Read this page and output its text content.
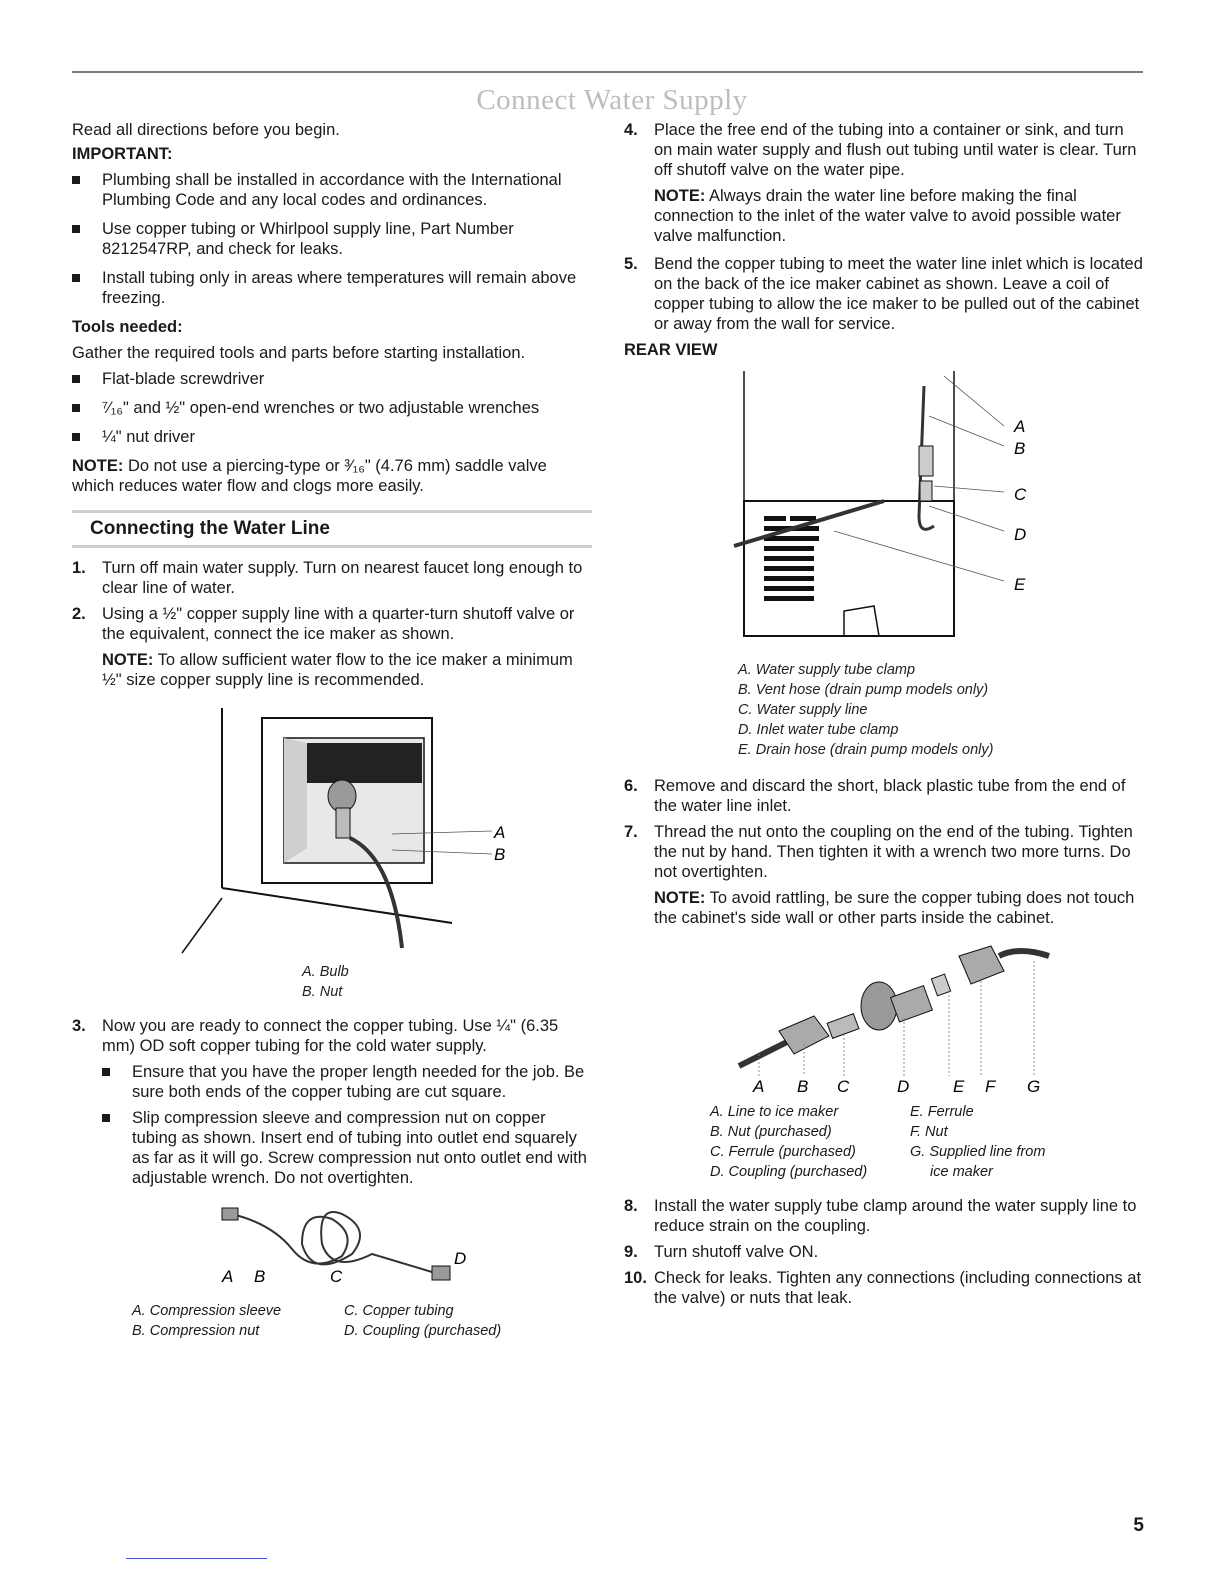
Connect Water Supply

Read all directions before you begin.

IMPORTANT:

Plumbing shall be installed in accordance with the International Plumbing Code and any local codes and ordinances.
Use copper tubing or Whirlpool supply line, Part Number 8212547RP, and check for leaks.
Install tubing only in areas where temperatures will remain above freezing.

Tools needed:

Gather the required tools and parts before starting installation.

Flat-blade screwdriver
⁷⁄₁₆" and ½" open-end wrenches or two adjustable wrenches
¼" nut driver

NOTE: Do not use a piercing-type or ³⁄₁₆" (4.76 mm) saddle valve which reduces water flow and clogs more easily.

Connecting the Water Line
1. Turn off main water supply. Turn on nearest faucet long enough to clear line of water.
2. Using a ½" copper supply line with a quarter-turn shutoff valve or the equivalent, connect the ice maker as shown.

NOTE: To allow sufficient water flow to the ice maker a minimum ½" size copper supply line is recommended.

A
B
A. Bulb
B. Nut
3. Now you are ready to connect the copper tubing. Use ¼" (6.35 mm) OD soft copper tubing for the cold water supply.
Ensure that you have the proper length needed for the job. Be sure both ends of the copper tubing are cut square.
Slip compression sleeve and compression nut on copper tubing as shown. Insert end of tubing into outlet end squarely as far as it will go. Screw compression nut onto outlet end with adjustable wrench. Do not overtighten.
A B	C
D
A. Compression sleeve
B. Compression nut
C. Copper tubing
D. Coupling (purchased)
4. Place the free end of the tubing into a container or sink, and turn on main water supply and flush out tubing until water is clear. Turn off shutoff valve on the water pipe.

NOTE: Always drain the water line before making the final connection to the inlet of the water valve to avoid possible water valve malfunction.

5. Bend the copper tubing to meet the water line inlet which is located on the back of the ice maker cabinet as shown. Leave a coil of copper tubing to allow the ice maker to be pulled out of the cabinet or away from the wall for service.

REAR VIEW

A
B
C
D
E
A. Water supply tube clamp
B. Vent hose (drain pump models only)
C. Water supply line
D. Inlet water tube clamp
E. Drain hose (drain pump models only)
6. Remove and discard the short, black plastic tube from the end of the water line inlet.
7. Thread the nut onto the coupling on the end of the tubing. Tighten the nut by hand. Then tighten it with a wrench two more turns. Do not overtighten.

NOTE: To avoid rattling, be sure the copper tubing does not touch the cabinet's side wall or other parts inside the cabinet.

A B C	D	E F G
A. Line to ice maker
B. Nut (purchased)
C. Ferrule (purchased)
D. Coupling (purchased)
E. Ferrule
F. Nut
G. Supplied line from
ice maker
8. Install the water supply tube clamp around the water supply line to reduce strain on the coupling.
9. Turn shutoff valve ON.
10. Check for leaks. Tighten any connections (including connections at the valve) or nuts that leak.
5
